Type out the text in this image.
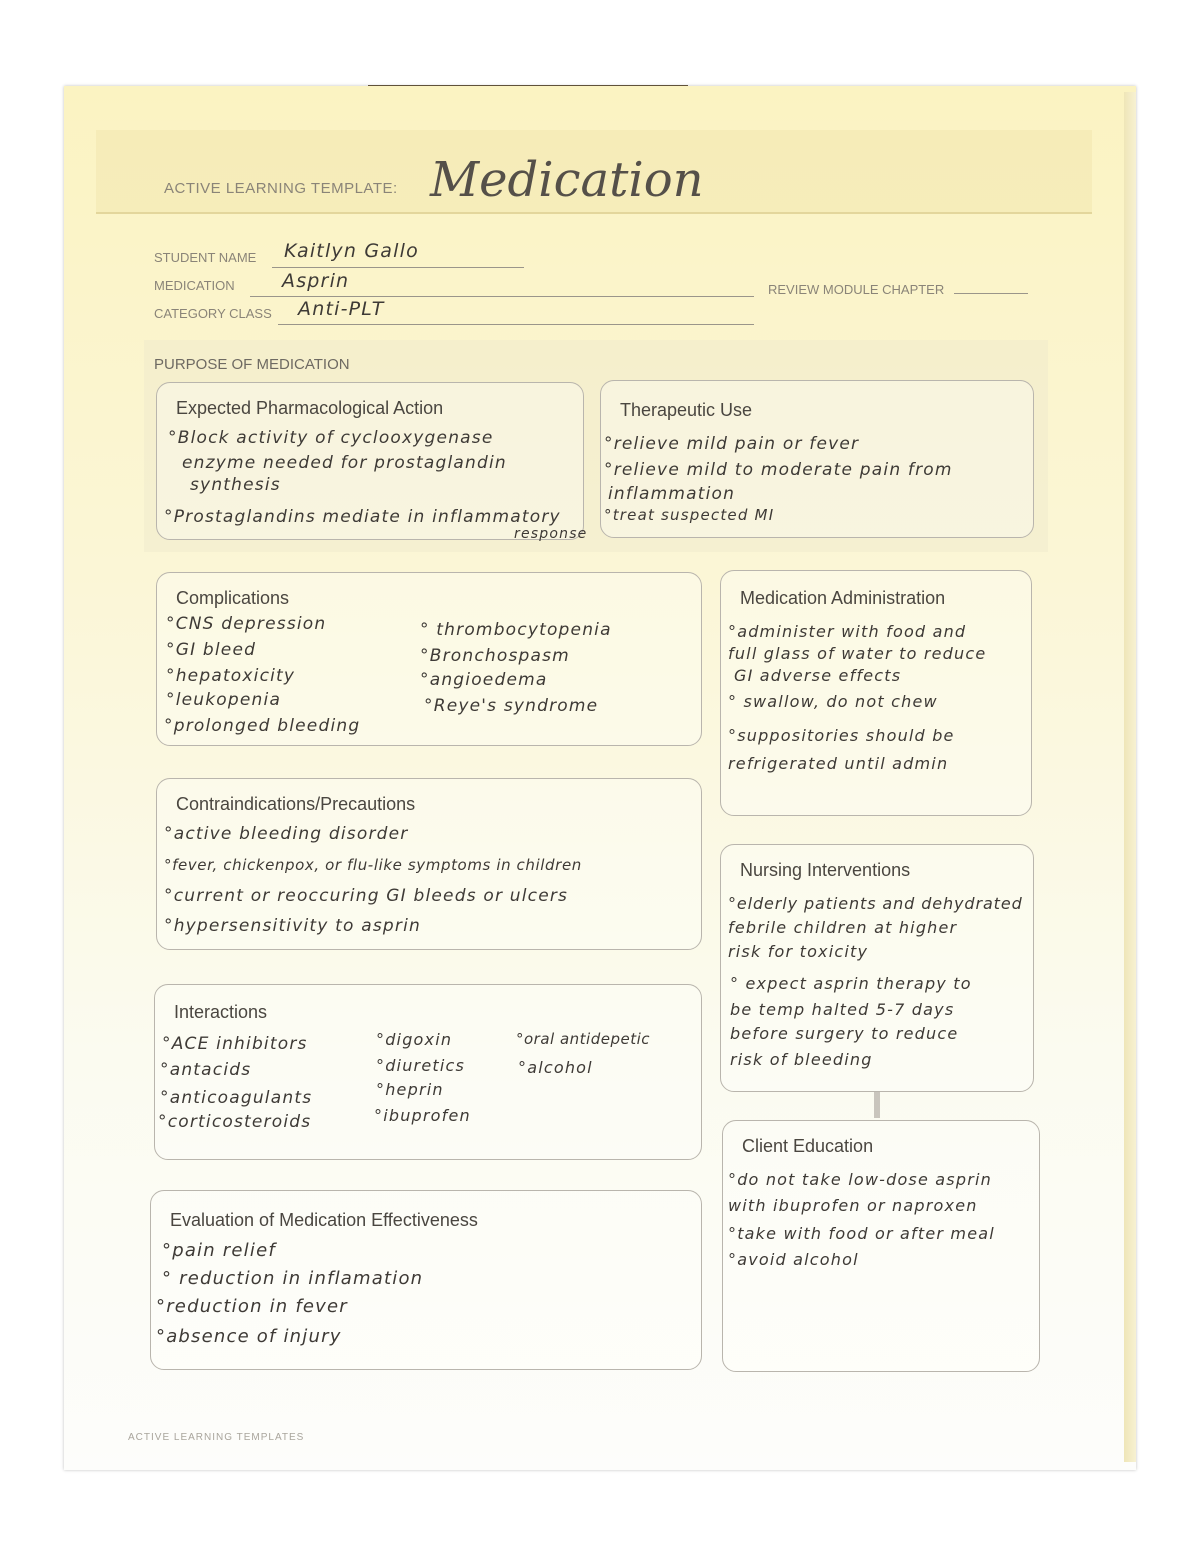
ACTIVE LEARNING TEMPLATE: Medication
STUDENT NAME Kaitlyn Gallo
MEDICATION Asprin	REVIEW MODULE CHAPTER
CATEGORY CLASS Anti-PLT
PURPOSE OF MEDICATION
Expected Pharmacological Action
°Block activity of cyclooxygenase
enzyme needed for prostaglandin
synthesis
°Prostaglandins mediate in inflammatory
response
Therapeutic Use
°relieve mild pain or fever
°relieve mild to moderate pain from
inflammation
°treat suspected MI
Complications
°CNS depression
°GI bleed
°hepatoxicity
°leukopenia
°prolonged bleeding
° thrombocytopenia
°Bronchospasm
°angioedema
°Reye's syndrome
Medication Administration
°administer with food and
full glass of water to reduce
GI adverse effects
° swallow, do not chew
°suppositories should be
refrigerated until admin
Contraindications/Precautions
°active bleeding disorder
°fever, chickenpox, or flu-like symptoms in children
°current or reoccuring GI bleeds or ulcers
°hypersensitivity to asprin
Nursing Interventions
°elderly patients and dehydrated
febrile children at higher
risk for toxicity
° expect asprin therapy to
be temp halted 5-7 days
before surgery to reduce
risk of bleeding
Interactions
°ACE inhibitors
°antacids
°anticoagulants
°corticosteroids
°digoxin
°diuretics
°heprin
°ibuprofen
°oral antidepetic
°alcohol
Client Education
°do not take low-dose asprin
with ibuprofen or naproxen
°take with food or after meal
°avoid alcohol
Evaluation of Medication Effectiveness
°pain relief
° reduction in inflamation
°reduction in fever
°absence of injury
ACTIVE LEARNING TEMPLATES
